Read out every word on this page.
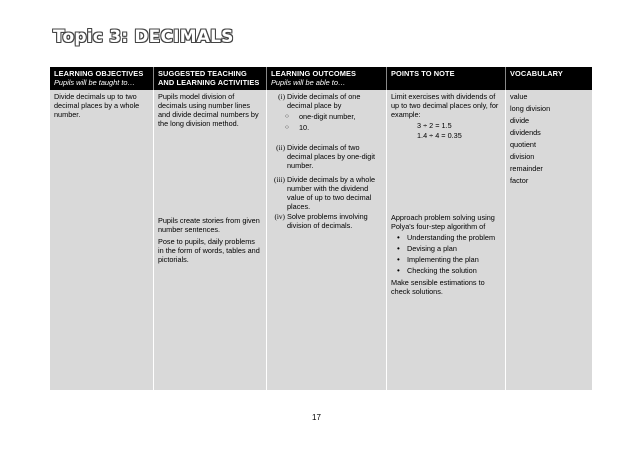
Topic 3: DECIMALS
LEARNING OBJECTIVES
Pupils will be taught to…

Divide decimals up to two decimal places by a whole number.

SUGGESTED TEACHING
AND LEARNING ACTIVITIES

Pupils model division of decimals using number lines and divide decimal numbers by the long division method.

Pupils create stories from given number sentences.

Pose to pupils, daily problems in the form of words, tables and pictorials.

LEARNING OUTCOMES
Pupils will be able to…
(i) Divide decimals of one decimal place by
○	one-digit number,
○	10.
(ii) Divide decimals of two decimal places by one-digit number.
(iii) Divide decimals by a whole number with the dividend value of up to two decimal places.
(iv) Solve problems involving division of decimals.
POINTS TO NOTE

Limit exercises with dividends of up to two decimal places only, for example:

3 ÷ 2 = 1.5
1.4 ÷ 4 = 0.35

Approach problem solving using Polya's four-step algorithm of

• Understanding the problem
• Devising a plan
• Implementing the plan
• Checking the solution

Make sensible estimations to check solutions.

VOCABULARY
value
long division
divide
dividends
quotient
division
remainder
factor
17
